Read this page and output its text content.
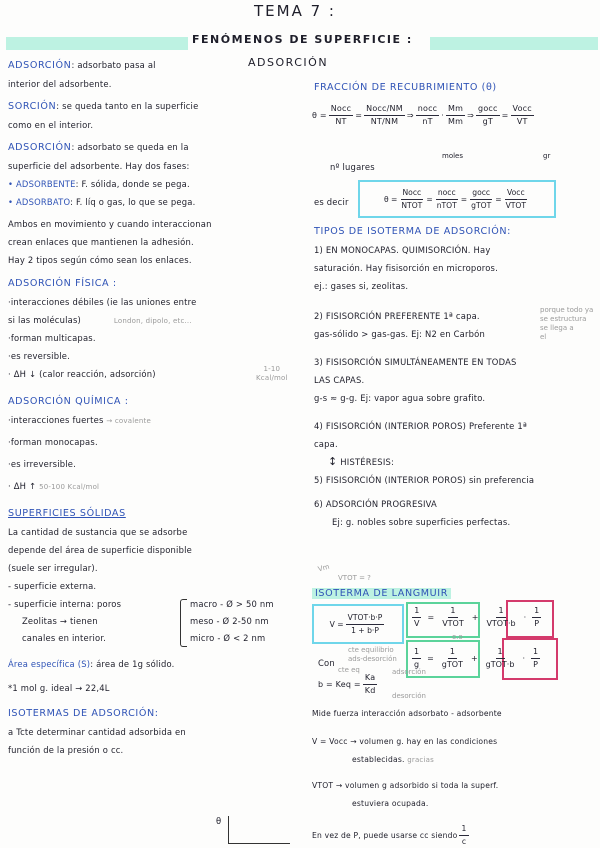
TEMA 7 :
FENÓMENOS DE SUPERFICIE :
ADSORCIÓN
ADSORCIÓN: adsorbato pasa al
interior del adsorbente.
SORCIÓN: se queda tanto en la superficie
como en el interior.
ADSORCIÓN: adsorbato se queda en la
superficie del adsorbente. Hay dos fases:
• ADSORBENTE: F. sólida, donde se pega.
• ADSORBATO: F. líq o gas, lo que se pega.
Ambos en movimiento y cuando interaccionan
crean enlaces que mantienen la adhesión.
Hay 2 tipos según cómo sean los enlaces.
ADSORCIÓN FÍSICA :
·interacciones débiles (ie las uniones entre
si las moléculas)	London, dipolo, etc...
·forman multicapas.
·es reversible.
· ΔH ↓ (calor reacción, adsorción)	1-10
Kcal/mol
ADSORCIÓN QUÍMICA :
·interacciones fuertes → covalente
·forman monocapas.
·es irreversible.
· ΔH ↑ 50-100 Kcal/mol
SUPERFICIES SÓLIDAS
La cantidad de sustancia que se adsorbe
depende del área de superficie disponible
(suele ser irregular).
- superficie externa.
- superficie interna: poros
Zeolitas → tienen
canales en interior.
macro - Ø > 50 nm
meso - Ø 2-50 nm
micro - Ø < 2 nm
Área específica (S): área de 1g sólido.
*1 mol g. ideal → 22,4L
ISOTERMAS DE ADSORCIÓN:
a Tcte determinar cantidad adsorbida en
función de la presión o cc.
θ
FRACCIÓN DE RECUBRIMIENTO (θ)
$\theta = \frac{\text{Nocc}}{NT} = \frac{\text{Nocc/NM}}{NT/NM}$ ⇒ $\frac{\text{nocc}}{nT} \cdot \frac{Mm}{Mm}$ ⇒ $\frac{\text{gocc}}{gT} = \frac{\text{Vocc}}{VT}$
moles	gr
nº lugares
es decir	$\theta = \frac{\text{Nocc}}{\text{NTOT}} = \frac{\text{nocc}}{\text{nTOT}} = \frac{\text{gocc}}{\text{gTOT}} = \frac{\text{Vocc}}{\text{VTOT}}$
TIPOS DE ISOTERMA DE ADSORCIÓN:
1) EN MONOCAPAS. QUIMISORCIÓN. Hay
saturación. Hay fisisorción en microporos.
ej.: gases si, zeolitas.
2) FISISORCIÓN PREFERENTE 1ª capa.
gas-sólido > gas-gas. Ej: N2 en Carbón
3) FISISORCIÓN SIMULTÁNEAMENTE EN TODAS
LAS CAPAS.
g-s ≈ g-g. Ej: vapor agua sobre grafito.
4) FISISORCIÓN (INTERIOR POROS) Preferente 1ª
capa.
↕ HISTÉRESIS:
5) FISISORCIÓN (INTERIOR POROS) sin preferencia
6) ADSORCIÓN PROGRESIVA
Ej: g. nobles sobre superficies perfectas.
porque todo ya
se estructura
se llega a
el
Vm
VTOT = ?
ISOTERMA DE LANGMUIR
$V = \frac{\text{VTOT·b·P}}{1 + b\cdot P}$	$\frac{1}{V} = \frac{1}{\text{VTOT}} + \frac{1}{\text{VTOT·b}} \cdot \frac{1}{P}$
o.o
$\frac{1}{g} = \frac{1}{\text{gTOT}} + \frac{1}{\text{gTOT·b}} \cdot \frac{1}{P}$
Con
cte equilibrio
ads-desorción
b = Keq = $\frac{Ka}{Kd}$ adsorción
cte eq
desorción
Mide fuerza interacción adsorbato - adsorbente
V = Vocc → volumen g. hay en las condiciones
establecidas. gracias
VTOT → volumen g adsorbido si toda la superf.
estuviera ocupada.
En vez de P, puede usarse cc siendo $\frac{1}{c}$
